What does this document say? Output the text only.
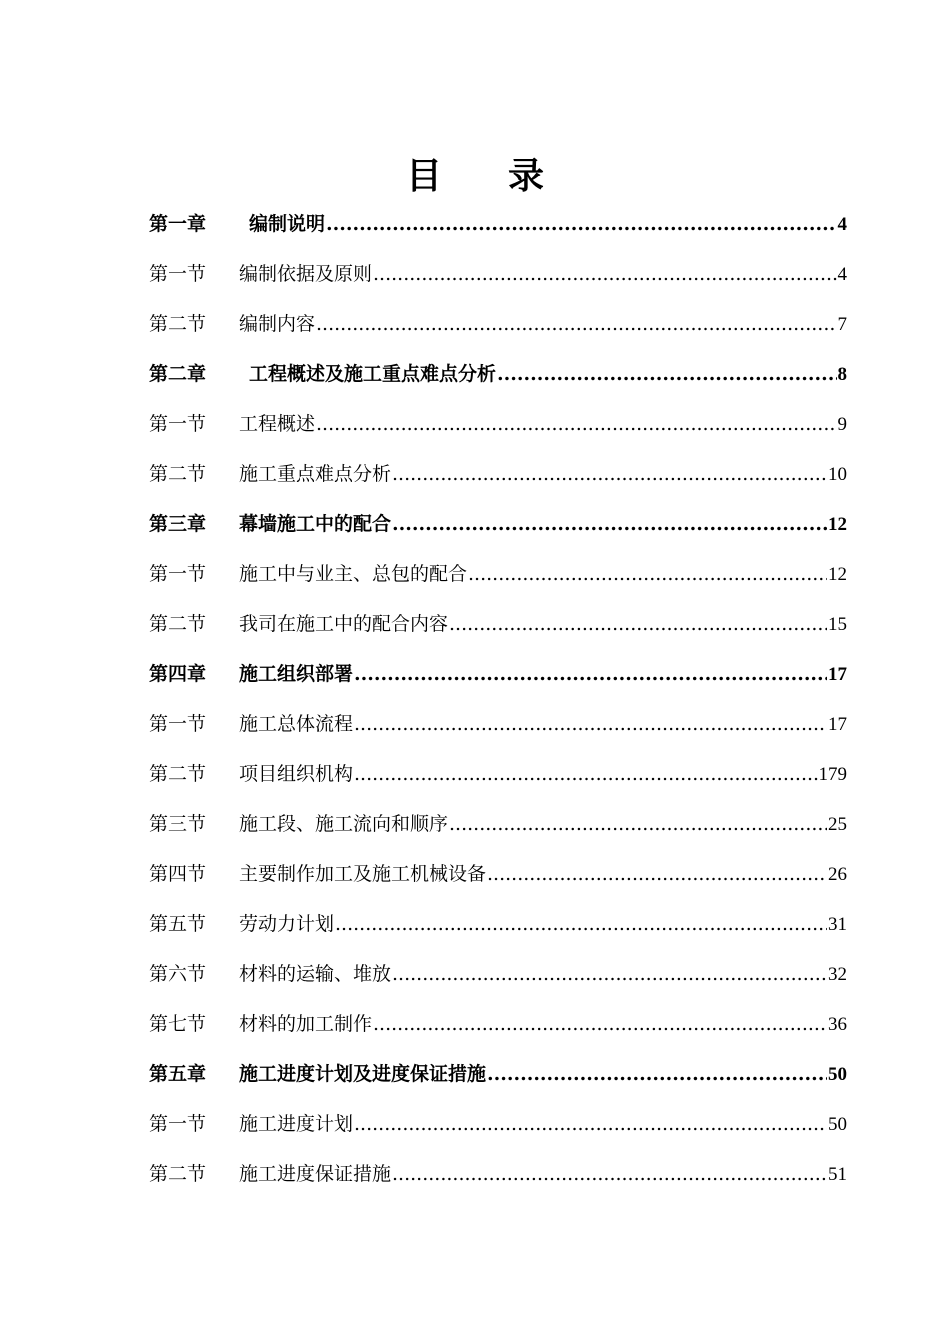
目 录
第一章	编制说明 .....	4
第一节	编制依据及原则 .....	4
第二节	编制内容 .....	7
第二章	工程概述及施工重点难点分析 .....	8
第一节	工程概述 .....	9
第二节	施工重点难点分析 .....	10
第三章	幕墙施工中的配合 .....	12
第一节	施工中与业主、总包的配合 .....	12
第二节	我司在施工中的配合内容 .....	15
第四章	施工组织部署 .....	17
第一节	施工总体流程 .....	17
第二节	项目组织机构 .....	179
第三节	施工段、施工流向和顺序 .....	25
第四节	主要制作加工及施工机械设备 .....	26
第五节	劳动力计划 .....	31
第六节	材料的运输、堆放 .....	32
第七节	材料的加工制作 .....	36
第五章	施工进度计划及进度保证措施 .....	50
第一节	施工进度计划 .....	50
第二节	施工进度保证措施 .....	51
